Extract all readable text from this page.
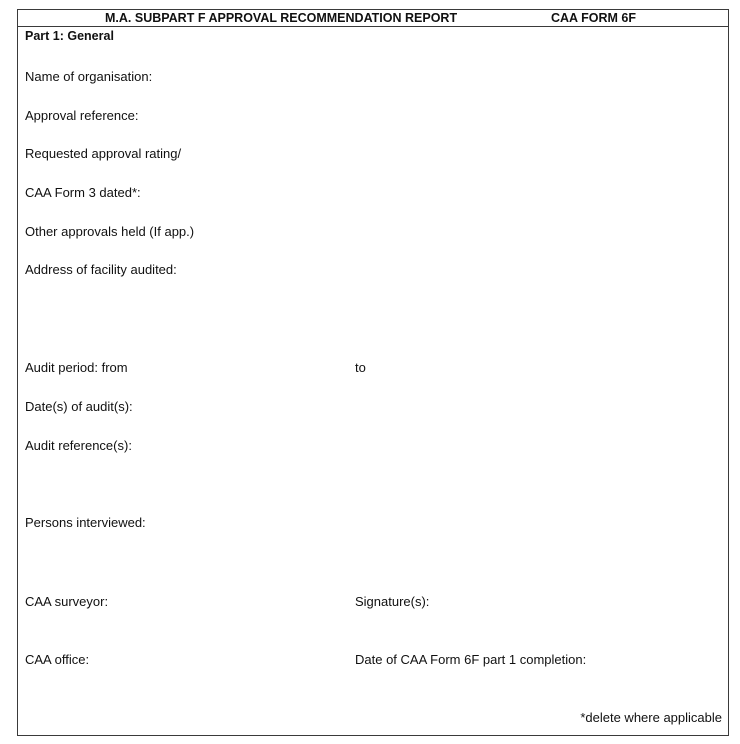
M.A. SUBPART F APPROVAL RECOMMENDATION REPORT	CAA FORM 6F
Part 1: General
Name of organisation:
Approval reference:
Requested approval rating/
CAA Form 3 dated*:
Other approvals held (If app.)
Address of facility audited:
Audit period: from	to
Date(s) of audit(s):
Audit reference(s):
Persons interviewed:
CAA surveyor:	Signature(s):
CAA office:	Date of CAA Form 6F part 1 completion:
*delete where applicable
